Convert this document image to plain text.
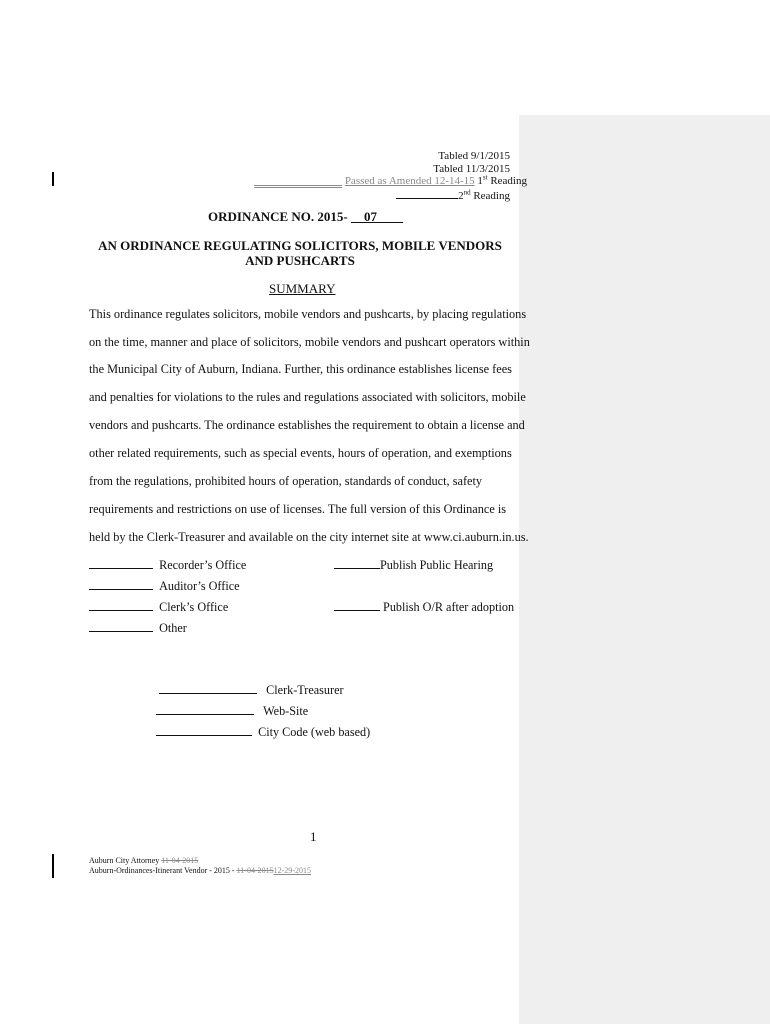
Tabled 9/1/2015
Tabled 11/3/2015
Passed as Amended 12-14-15 1st Reading
2nd Reading
ORDINANCE NO. 2015- __07____
AN ORDINANCE REGULATING SOLICITORS, MOBILE VENDORS AND PUSHCARTS
SUMMARY
This ordinance regulates solicitors, mobile vendors and pushcarts, by placing regulations
on the time, manner and place of solicitors, mobile vendors and pushcart operators within
the Municipal City of Auburn, Indiana. Further, this ordinance establishes license fees
and penalties for violations to the rules and regulations associated with solicitors, mobile
vendors and pushcarts. The ordinance establishes the requirement to obtain a license and
other related requirements, such as special events, hours of operation, and exemptions
from the regulations, prohibited hours of operation, standards of conduct, safety
requirements and restrictions on use of licenses. The full version of this Ordinance is
held by the Clerk-Treasurer and available on the city internet site at www.ci.auburn.in.us.
Recorder’s Office
Auditor’s Office
Clerk’s Office
Other
Publish Public Hearing
Publish O/R after adoption
Clerk-Treasurer
Web-Site
City Code (web based)
1
Auburn City Attorney 11-04-2015
Auburn-Ordinances-Itinerant Vendor - 2015 - 11-04-201512-29-2015
